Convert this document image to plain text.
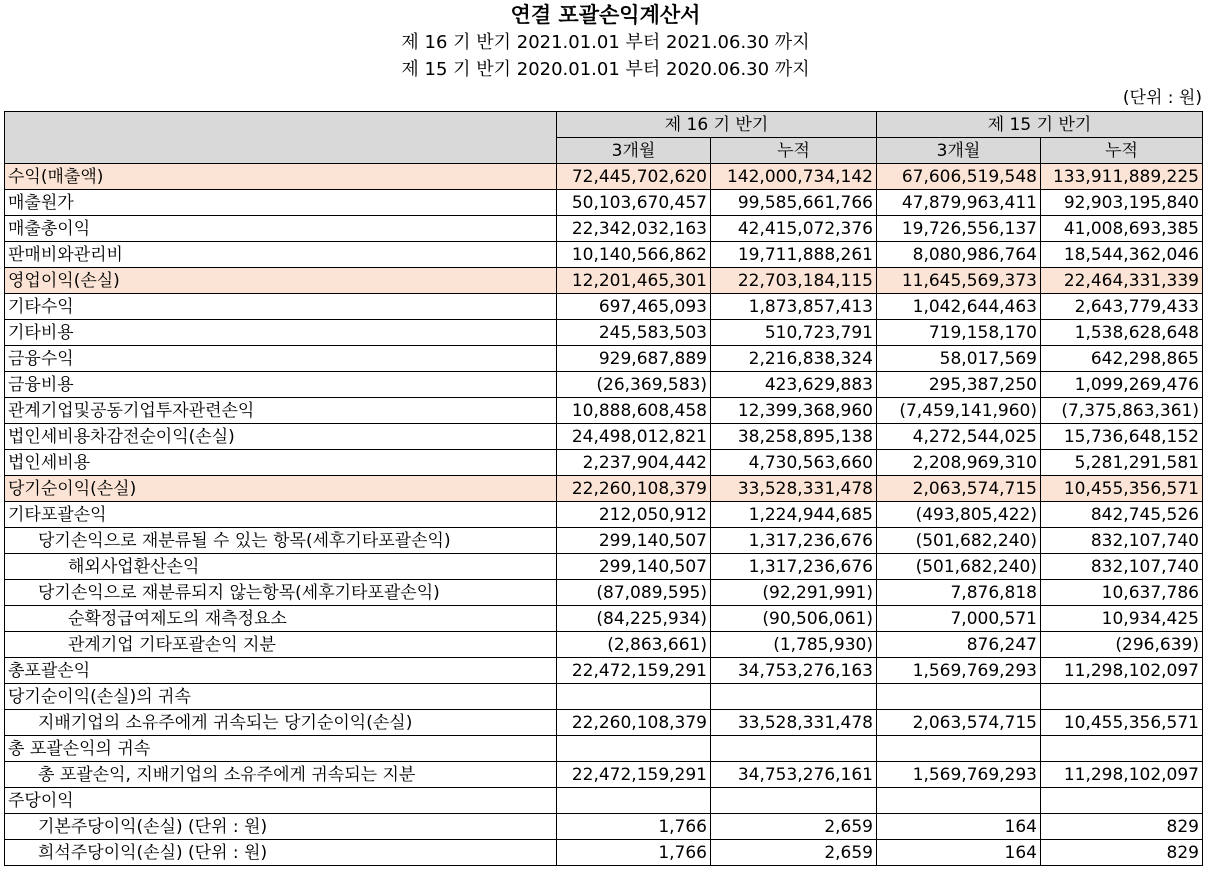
연결 포괄손익계산서
제 16 기 반기 2021.01.01 부터 2021.06.30 까지
제 15 기 반기 2020.01.01 부터 2020.06.30 까지
(단위 : 원)
	제 16 기 반기		제 15 기 반기	
	3개월	누적	3개월	누적
수익(매출액)	72,445,702,620	142,000,734,142	67,606,519,548	133,911,889,225
매출원가	50,103,670,457	99,585,661,766	47,879,963,411	92,903,195,840
매출총이익	22,342,032,163	42,415,072,376	19,726,556,137	41,008,693,385
판매비와관리비	10,140,566,862	19,711,888,261	8,080,986,764	18,544,362,046
영업이익(손실)	12,201,465,301	22,703,184,115	11,645,569,373	22,464,331,339
기타수익	697,465,093	1,873,857,413	1,042,644,463	2,643,779,433
기타비용	245,583,503	510,723,791	719,158,170	1,538,628,648
금융수익	929,687,889	2,216,838,324	58,017,569	642,298,865
금융비용	(26,369,583)	423,629,883	295,387,250	1,099,269,476
관계기업및공동기업투자관련손익	10,888,608,458	12,399,368,960	(7,459,141,960)	(7,375,863,361)
법인세비용차감전순이익(손실)	24,498,012,821	38,258,895,138	4,272,544,025	15,736,648,152
법인세비용	2,237,904,442	4,730,563,660	2,208,969,310	5,281,291,581
당기순이익(손실)	22,260,108,379	33,528,331,478	2,063,574,715	10,455,356,571
기타포괄손익	212,050,912	1,224,944,685	(493,805,422)	842,745,526
당기손익으로 재분류될 수 있는 항목(세후기타포괄손익)	299,140,507	1,317,236,676	(501,682,240)	832,107,740
해외사업환산손익	299,140,507	1,317,236,676	(501,682,240)	832,107,740
당기손익으로 재분류되지 않는항목(세후기타포괄손익)	(87,089,595)	(92,291,991)	7,876,818	10,637,786
순확정급여제도의 재측정요소	(84,225,934)	(90,506,061)	7,000,571	10,934,425
관계기업 기타포괄손익 지분	(2,863,661)	(1,785,930)	876,247	(296,639)
총포괄손익	22,472,159,291	34,753,276,163	1,569,769,293	11,298,102,097
당기순이익(손실)의 귀속				
지배기업의 소유주에게 귀속되는 당기순이익(손실)	22,260,108,379	33,528,331,478	2,063,574,715	10,455,356,571
총 포괄손익의 귀속				
총 포괄손익, 지배기업의 소유주에게 귀속되는 지분	22,472,159,291	34,753,276,161	1,569,769,293	11,298,102,097
주당이익				
기본주당이익(손실) (단위 : 원)	1,766	2,659	164	829
희석주당이익(손실) (단위 : 원)	1,766	2,659	164	829
